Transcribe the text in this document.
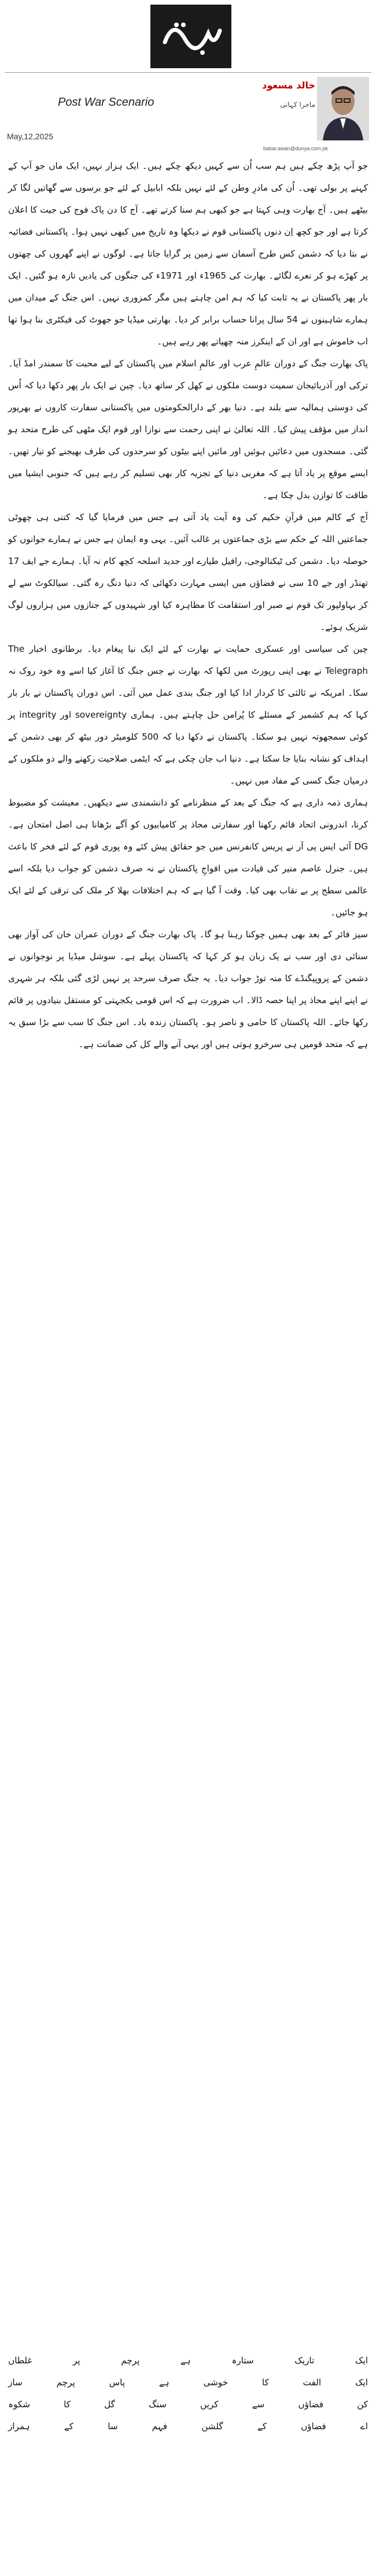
Post War Scenario
May,12,2025
خالد مسعود
ماجرا کہانی
babar.awan@dunya.com.pk

جو آپ پڑھ چکے ہیں ہم سب اُن سے کہیں دیکھ چکے ہیں۔ ایک ہزار نہیں، ایک ماں جو آپ کے کہنے پر بولی تھی۔ اُن کی مادرِ وطن کے لئے نہیں بلکہ ابابیل کے لئے جو برسوں سے گھاتیں لگا کر بیٹھے ہیں۔ آج بھارت وہی کہتا ہے جو کبھی ہم سنا کرتے تھے۔ آج کا دن پاک فوج کی جیت کا اعلان کرتا ہے اور جو کچھ اِن دنوں پاکستانی قوم نے دیکھا وہ تاریخ میں کبھی نہیں ہوا۔ پاکستانی فضائیہ نے بتا دیا کہ دشمن کس طرح آسمان سے زمین پر گرایا جاتا ہے۔ لوگوں نے اپنے گھروں کی چھتوں پر کھڑے ہو کر نعرے لگائے۔ بھارت کی 1965ء اور 1971ء کی جنگوں کی یادیں تازہ ہو گئیں۔ ایک بار پھر پاکستان نے یہ ثابت کیا کہ ہم امن چاہتے ہیں مگر کمزوری نہیں۔ اس جنگ کے میدان میں ہمارے شاہینوں نے 54 سال پرانا حساب برابر کر دیا۔ بھارتی میڈیا جو جھوٹ کی فیکٹری بنا ہوا تھا اب خاموش ہے اور ان کے اینکرز منہ چھپاتے پھر رہے ہیں۔

پاک بھارت جنگ کے دوران عالمِ عرب اور عالمِ اسلام میں پاکستان کے لیے محبت کا سمندر امڈ آیا۔ ترکی اور آذربائیجان سمیت دوست ملکوں نے کھل کر ساتھ دیا۔ چین نے ایک بار پھر دکھا دیا کہ اُس کی دوستی ہمالیہ سے بلند ہے۔ دنیا بھر کے دارالحکومتوں میں پاکستانی سفارت کاروں نے بھرپور انداز میں مؤقف پیش کیا۔ اللہ تعالیٰ نے اپنی رحمت سے نوازا اور قوم ایک مٹھی کی طرح متحد ہو گئی۔ مسجدوں میں دعائیں ہوئیں اور مائیں اپنے بیٹوں کو سرحدوں کی طرف بھیجنے کو تیار تھیں۔ ایسے موقع پر یاد آتا ہے کہ مغربی دنیا کے تجزیہ کار بھی تسلیم کر رہے ہیں کہ جنوبی ایشیا میں طاقت کا توازن بدل چکا ہے۔

آج کے کالم میں قرآنِ حکیم کی وہ آیت یاد آتی ہے جس میں فرمایا گیا کہ کتنی ہی چھوٹی جماعتیں اللہ کے حکم سے بڑی جماعتوں پر غالب آئیں۔ یہی وہ ایمان ہے جس نے ہمارے جوانوں کو حوصلہ دیا۔ دشمن کی ٹیکنالوجی، رافیل طیارے اور جدید اسلحہ کچھ کام نہ آیا۔ ہمارے جے ایف 17 تھنڈر اور جے 10 سی نے فضاؤں میں ایسی مہارت دکھائی کہ دنیا دنگ رہ گئی۔ سیالکوٹ سے لے کر بہاولپور تک قوم نے صبر اور استقامت کا مظاہرہ کیا اور شہیدوں کے جنازوں میں ہزاروں لوگ شریک ہوئے۔

چین کی سیاسی اور عسکری حمایت نے بھارت کے لئے ایک نیا پیغام دیا۔ برطانوی اخبار The Telegraph نے بھی اپنی رپورٹ میں لکھا کہ بھارت نے جس جنگ کا آغاز کیا اسے وہ خود روک نہ سکا۔ امریکہ نے ثالثی کا کردار ادا کیا اور جنگ بندی عمل میں آئی۔ اس دوران پاکستان نے بار بار کہا کہ ہم کشمیر کے مسئلے کا پُرامن حل چاہتے ہیں۔ ہماری sovereignty اور integrity پر کوئی سمجھوتہ نہیں ہو سکتا۔ پاکستان نے دکھا دیا کہ 500 کلومیٹر دور بیٹھ کر بھی دشمن کے اہداف کو نشانہ بنایا جا سکتا ہے۔ دنیا اب جان چکی ہے کہ ایٹمی صلاحیت رکھنے والے دو ملکوں کے درمیان جنگ کسی کے مفاد میں نہیں۔

ہماری ذمہ داری ہے کہ جنگ کے بعد کے منظرنامے کو دانشمندی سے دیکھیں۔ معیشت کو مضبوط کرنا، اندرونی اتحاد قائم رکھنا اور سفارتی محاذ پر کامیابیوں کو آگے بڑھانا ہی اصل امتحان ہے۔ DG آئی ایس پی آر نے پریس کانفرنس میں جو حقائق پیش کئے وہ پوری قوم کے لئے فخر کا باعث ہیں۔ جنرل عاصم منیر کی قیادت میں افواجِ پاکستان نے نہ صرف دشمن کو جواب دیا بلکہ اسے عالمی سطح پر بے نقاب بھی کیا۔ وقت آ گیا ہے کہ ہم اختلافات بھلا کر ملک کی ترقی کے لئے ایک ہو جائیں۔

سیز فائر کے بعد بھی ہمیں چوکنا رہنا ہو گا۔ پاک بھارت جنگ کے دوران عمران خان کی آواز بھی سنائی دی اور سب نے یک زبان ہو کر کہا کہ پاکستان پہلے ہے۔ سوشل میڈیا پر نوجوانوں نے دشمن کے پروپیگنڈے کا منہ توڑ جواب دیا۔ یہ جنگ صرف سرحد پر نہیں لڑی گئی بلکہ ہر شہری نے اپنے اپنے محاذ پر اپنا حصہ ڈالا۔ اب ضرورت ہے کہ اس قومی یکجہتی کو مستقل بنیادوں پر قائم رکھا جائے۔ اللہ پاکستان کا حامی و ناصر ہو۔ پاکستان زندہ باد۔ اس جنگ کا سب سے بڑا سبق یہ ہے کہ متحد قومیں ہی سرخرو ہوتی ہیں اور یہی آنے والے کل کی ضمانت ہے۔

ایک
تاریک
ستارہ
ہے
پرچم
پر
غلطاں
ایک
الفت
کا
خوشی
ہے
پاس
پرچم
ساز
کن
فضاؤں
سے
کریں
سنگ
گل
کا
شکوہ
اے
فضاؤں
کے
گلشن
فہم
سا
کے
ہمراز
